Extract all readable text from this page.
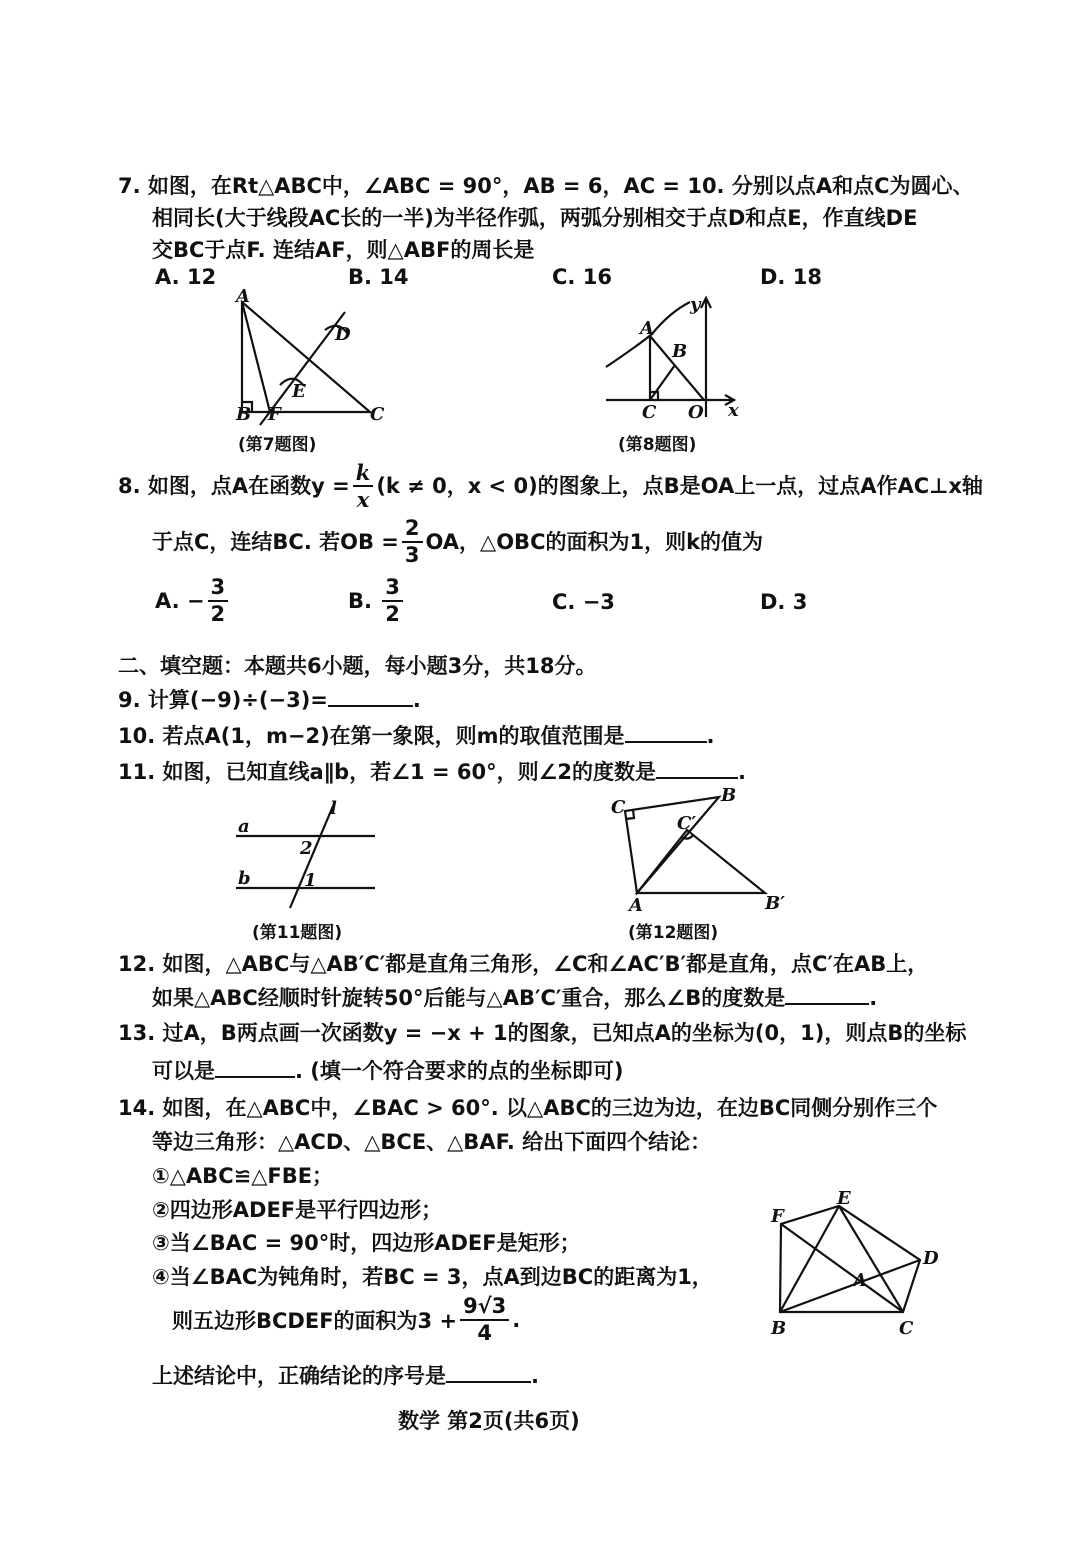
7. 如图，在Rt△ABC中，∠ABC = 90°，AB = 6，AC = 10. 分别以点A和点C为圆心、
相同长(大于线段AC长的一半)为半径作弧，两弧分别相交于点D和点E，作直线DE
交BC于点F. 连结AF，则△ABF的周长是
A. 12	B. 14	C. 16	D. 18
A
B	C
D
E
F
(第7题图)
A
B
C O x
y
(第8题图)
8. 如图，点A在函数$y = \frac{k}{x} (k \ne 0$，x < 0)的图象上，点B是OA上一点，过点A作AC⊥x轴
于点C，连结BC. 若OB = $\frac{2}{3}$ OA，△OBC的面积为1，则k的值为
A.
− $\frac{3}{2}$	B.
$\frac{3}{2}$	C. −3	D. 3
二、填空题：本题共6小题，每小题3分，共18分。
9. 计算(−9)÷(−3)=	.
10. 若点A(1，m−2)在第一象限，则m的取值范围是	.
11. 如图，已知直线a∥b，若∠1 = 60°，则∠2的度数是	.
a
b
l
2
1
(第11题图)
A
B
C
B′
C′
(第12题图)
12. 如图，△ABC与△AB′C′都是直角三角形，∠C和∠AC′B′都是直角，点C′在AB上，
如果△ABC经顺时针旋转50°后能与△AB′C′重合，那么∠B的度数是	.
13. 过A，B两点画一次函数y = −x + 1的图象，已知点A的坐标为(0，1)，则点B的坐标
可以是	. (填一个符合要求的点的坐标即可)
14. 如图，在△ABC中，∠BAC > 60°. 以△ABC的三边为边，在边BC同侧分别作三个
等边三角形：△ACD、△BCE、△BAF. 给出下面四个结论：
①△ABC≌△FBE；
②四边形ADEF是平行四边形；
③当∠BAC = 90°时，四边形ADEF是矩形；
④当∠BAC为钝角时，若BC = 3，点A到边BC的距离为1，
则五边形BCDEF的面积为$3 + \frac{9√3}{4}$ .
上述结论中，正确结论的序号是	.
A
B	C
D
E
F
数学 第2页(共6页)
